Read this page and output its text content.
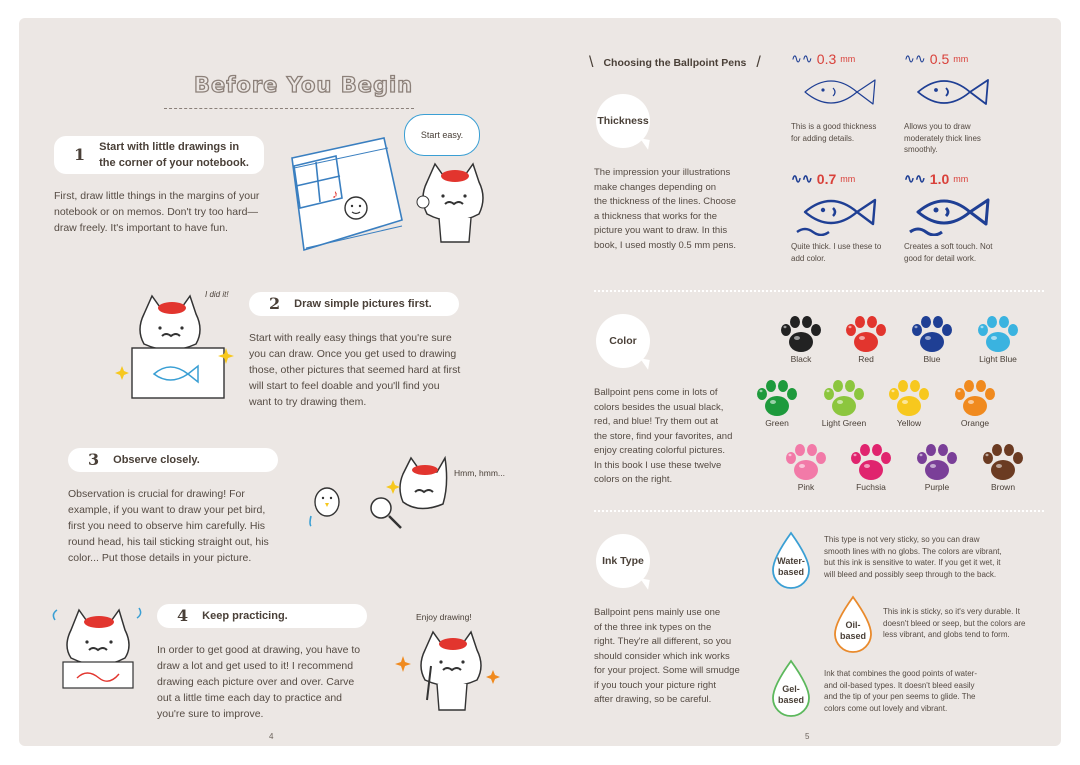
Before You Begin
1 Start with little drawings in
the corner of your notebook.
First, draw little things in the margins of your
notebook or on memos. Don't try too hard—
draw freely. It's important to have fun.
♪
Start easy.
2 Draw simple pictures first.
Start with really easy things that you're sure
you can draw. Once you get used to drawing
those, other pictures that seemed hard at first
will start to feel doable and you'll find you
want to try drawing them.
I did it!
3 Observe closely.
Observation is crucial for drawing! For
example, if you want to draw your pet bird,
first you need to observe him carefully. His
round head, his tail sticking straight out, his
color... Put those details in your picture.
Hmm, hmm...
4 Keep practicing.
In order to get good at drawing, you have to
draw a lot and get used to it! I recommend
drawing each picture over and over. Carve
out a little time each day to practice and
you're sure to improve.
Enjoy drawing!
4
\ Choosing the Ballpoint Pens /
Thickness
The impression your illustrations
make changes depending on
the thickness of the lines. Choose
a thickness that works for the
picture you want to draw. In this
book, I used mostly 0.5 mm pens.
∿∿ 0.3 mm
This is a good thickness
for adding details.
∿∿ 0.5 mm
Allows you to draw
moderately thick lines
smoothly.
∿∿ 0.7 mm
Quite thick. I use these to
add color.
∿∿ 1.0 mm
Creates a soft touch. Not
good for detail work.
Color
Ballpoint pens come in lots of
colors besides the usual black,
red, and blue! Try them out at
the store, find your favorites, and
enjoy creating colorful pictures.
In this book I use these twelve
colors on the right.
Black	Red	Blue	Light Blue
Green	Light Green	Yellow	Orange
Pink	Fuchsia	Purple	Brown
Ink Type
Ballpoint pens mainly use one
of the three ink types on the
right. They're all different, so you
should consider which ink works
for your project. Some will smudge
if you touch your picture right
after drawing, so be careful.
Water-
based
This type is not very sticky, so you can draw
smooth lines with no globs. The colors are vibrant,
but this ink is sensitive to water. If you get it wet, it
will bleed and possibly seep through to the back.
Oil-
based
This ink is sticky, so it's very durable. It
doesn't bleed or seep, but the colors are
less vibrant, and globs tend to form.
Gel-
based
Ink that combines the good points of water-
and oil-based types. It doesn't bleed easily
and the tip of your pen seems to glide. The
colors come out lovely and vibrant.
5
